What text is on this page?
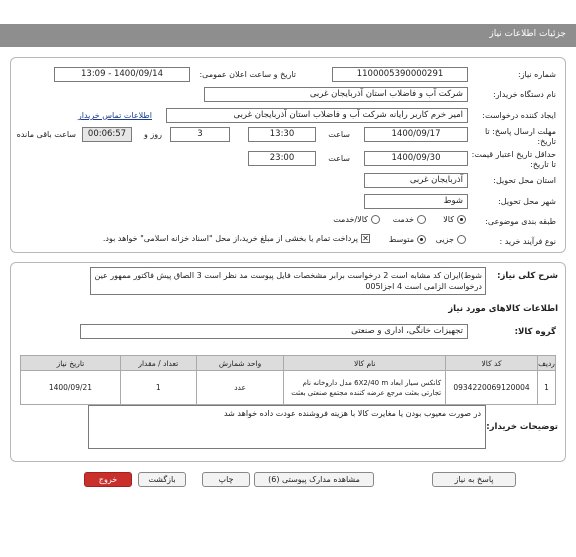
جزئیات اطلاعات نیاز
شماره نیاز:
1100005390000291
تاریخ و ساعت اعلان عمومی:
1400/09/14 - 13:09
نام دستگاه خریدار:
شرکت آب و فاضلاب استان آذربایجان غربی
ایجاد کننده درخواست:
امیر خرم کاربر رایانه شرکت آب و فاضلاب استان آذربایجان غربی
اطلاعات تماس خریدار
مهلت ارسال پاسخ: تا تاریخ:
1400/09/17
ساعت
13:30
3
روز و
00:06:57
ساعت باقی مانده
حداقل تاریخ اعتبار قیمت: تا تاریخ:
1400/09/30
ساعت
23:00
استان محل تحویل:
آذربایجان غربی
شهر محل تحویل:
شوط
طبقه بندی موضوعی:
کالا
خدمت
کالا/خدمت
نوع فرآیند خرید :
جزیی
متوسط
✕
پرداخت تمام یا بخشی از مبلغ خرید،از محل "اسناد خزانه اسلامی" خواهد بود.
شرح کلی نیاز:
شوط)ایران کد مشابه است 2 درخواست برابر مشخصات فایل پیوست مد نظر است 3 الصاق پیش فاکتور ممهور عین درخواست الزامی است 4 اجزا005
اطلاعات کالاهای مورد نیاز
گروه کالا:
تجهیزات خانگی، اداری و صنعتی
ردیف	کد کالا	نام کالا	واحد شمارش	تعداد / مقدار	تاریخ نیاز
1	0934220069120004	کانکس سیار ابعاد 6X2/40 m مدل داروخانه نام تجارتی بعثت مرجع عرضه کننده مجتمع صنعتی بعثت	عدد	1	1400/09/21
توضیحات خریدار:
در صورت معیوب بودن یا مغایرت کالا با هزینه فروشنده عودت داده خواهد شد
پاسخ به نیاز
مشاهده مدارک پیوستی (6)
چاپ
بازگشت
خروج
